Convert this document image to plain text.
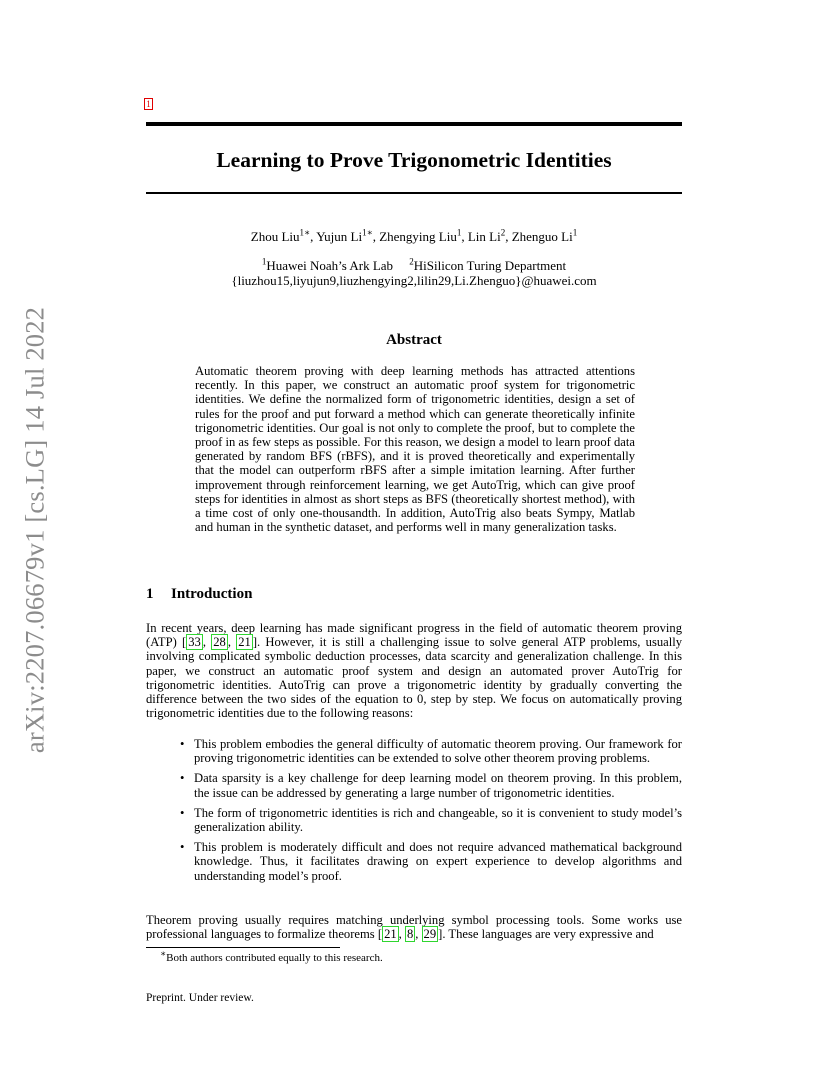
arXiv:2207.06679v1 [cs.LG] 14 Jul 2022
1
Learning to Prove Trigonometric Identities
Zhou Liu$^{1∗}$, Yujun $Li^{1∗}$, Zhengying Liu$^1$, Lin Li$^2$, Zhenguo Li$^1$
$^1$Huawei Noah’s Ark Lab $^2$HiSilicon Turing Department
{liuzhou15,liyujun9,liuzhengying2,lilin29,Li.Zhenguo}@huawei.com
Abstract

Automatic theorem proving with deep learning methods has attracted attentions recently. In this paper, we construct an automatic proof system for trigonometric identities. We define the normalized form of trigonometric identities, design a set of rules for the proof and put forward a method which can generate theoretically infinite trigonometric identities. Our goal is not only to complete the proof, but to complete the proof in as few steps as possible. For this reason, we design a model to learn proof data generated by random BFS (rBFS), and it is proved theoretically and experimentally that the model can outperform rBFS after a simple imitation learning. After further improvement through reinforcement learning, we get AutoTrig, which can give proof steps for identities in almost as short steps as BFS (theoretically shortest method), with a time cost of only one-thousandth. In addition, AutoTrig also beats Sympy, Matlab and human in the synthetic dataset, and performs well in many generalization tasks.

1 Introduction

In recent years, deep learning has made significant progress in the field of automatic theorem proving (ATP) [ 33 , 28 , 21 ]. However, it is still a challenging issue to solve general ATP problems, usually involving complicated symbolic deduction processes, data scarcity and generalization challenge. In this paper, we construct an automatic proof system and design an automated prover AutoTrig for trigonometric identities. AutoTrig can prove a trigonometric identity by gradually converting the difference between the two sides of the equation to 0, step by step. We focus on automatically proving trigonometric identities due to the following reasons:

• This problem embodies the general difficulty of automatic theorem proving. Our framework for proving trigonometric identities can be extended to solve other theorem proving problems.
• Data sparsity is a key challenge for deep learning model on theorem proving. In this problem, the issue can be addressed by generating a large number of trigonometric identities.
• The form of trigonometric identities is rich and changeable, so it is convenient to study model’s generalization ability.
• This problem is moderately difficult and does not require advanced mathematical background knowledge. Thus, it facilitates drawing on expert experience to develop algorithms and understanding model’s proof.

Theorem proving usually requires matching underlying symbol processing tools. Some works use professional languages to formalize theorems [ 21 , 8 , 29 ]. These languages are very expressive and

∗Both authors contributed equally to this research.
Preprint. Under review.
